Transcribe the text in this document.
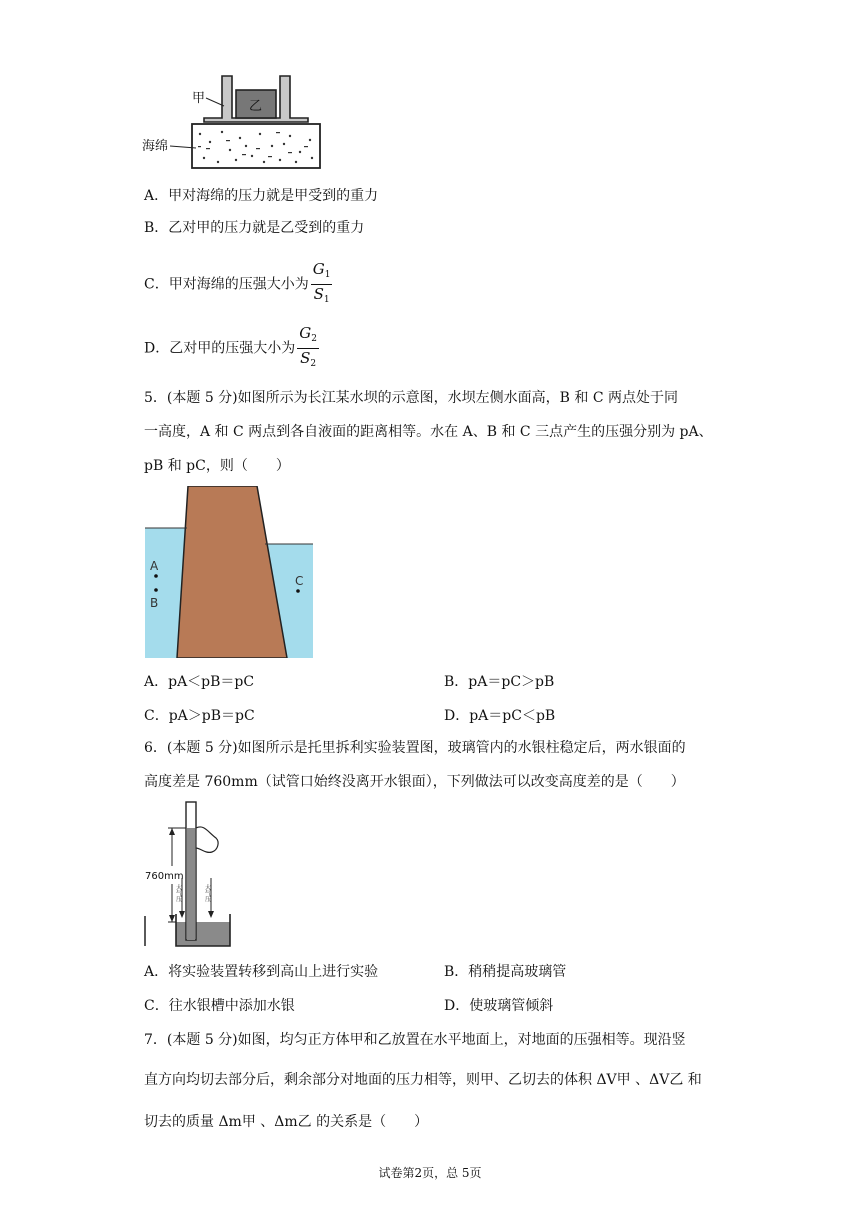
乙
甲
海绵
A．甲对海绵的压力就是甲受到的重力
B．乙对甲的压力就是乙受到的重力
C．甲对海绵的压强大小为 $\frac{G_1}{S_1}$
D．乙对甲的压强大小为 $\frac{G_2}{S_2}$
5．(本题 5 分)如图所示为长江某水坝的示意图，水坝左侧水面高，B 和 C 两点处于同
一高度，A 和 C 两点到各自液面的距离相等。水在 A、B 和 C 三点产生的压强分别为 pA、
pB 和 pC，则（　　）
A
B
C
A．pA＜pB＝pC	B．pA＝pC＞pB
C．pA＞pB＝pC	D．pA＝pC＜pB
6．(本题 5 分)如图所示是托里拆利实验装置图，玻璃管内的水银柱稳定后，两水银面的
高度差是 760mm（试管口始终没离开水银面），下列做法可以改变高度差的是（　　）
760mm
大气压	大气压
A．将实验装置转移到高山上进行实验	B．稍稍提高玻璃管
C．往水银槽中添加水银	D．使玻璃管倾斜
7．(本题 5 分)如图，均匀正方体甲和乙放置在水平地面上，对地面的压强相等。现沿竖
直方向均切去部分后，剩余部分对地面的压力相等，则甲、乙切去的体积 ΔV甲 、ΔV乙 和
切去的质量 Δm甲 、Δm乙 的关系是（　　）
试卷第2页，总 5页
